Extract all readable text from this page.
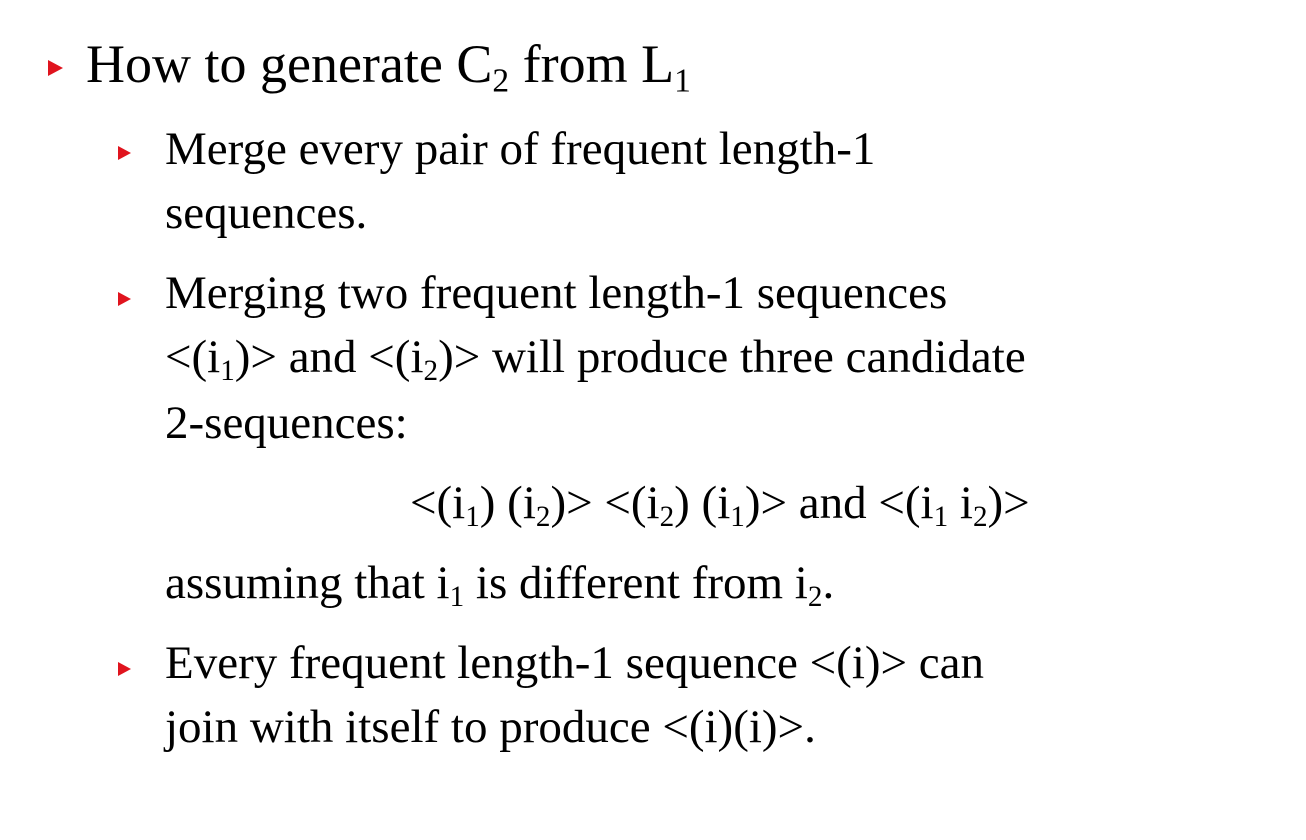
How to generate $C_2$ from $L_1$
Merge every pair of frequent length-1
sequences.
Merging two frequent length-1 sequences
$<(i_1)>$ and $<(i_2)>$ will produce three candidate
2-sequences:
$<(i_1)$ $(i_2)> <(i_2)$ $(i_1)>$ and $<(i_1$ $i_2)>$
assuming that $i_1$ is different from $i_2$.
Every frequent length-1 sequence <(i)> can
join with itself to produce <(i)(i)>.
